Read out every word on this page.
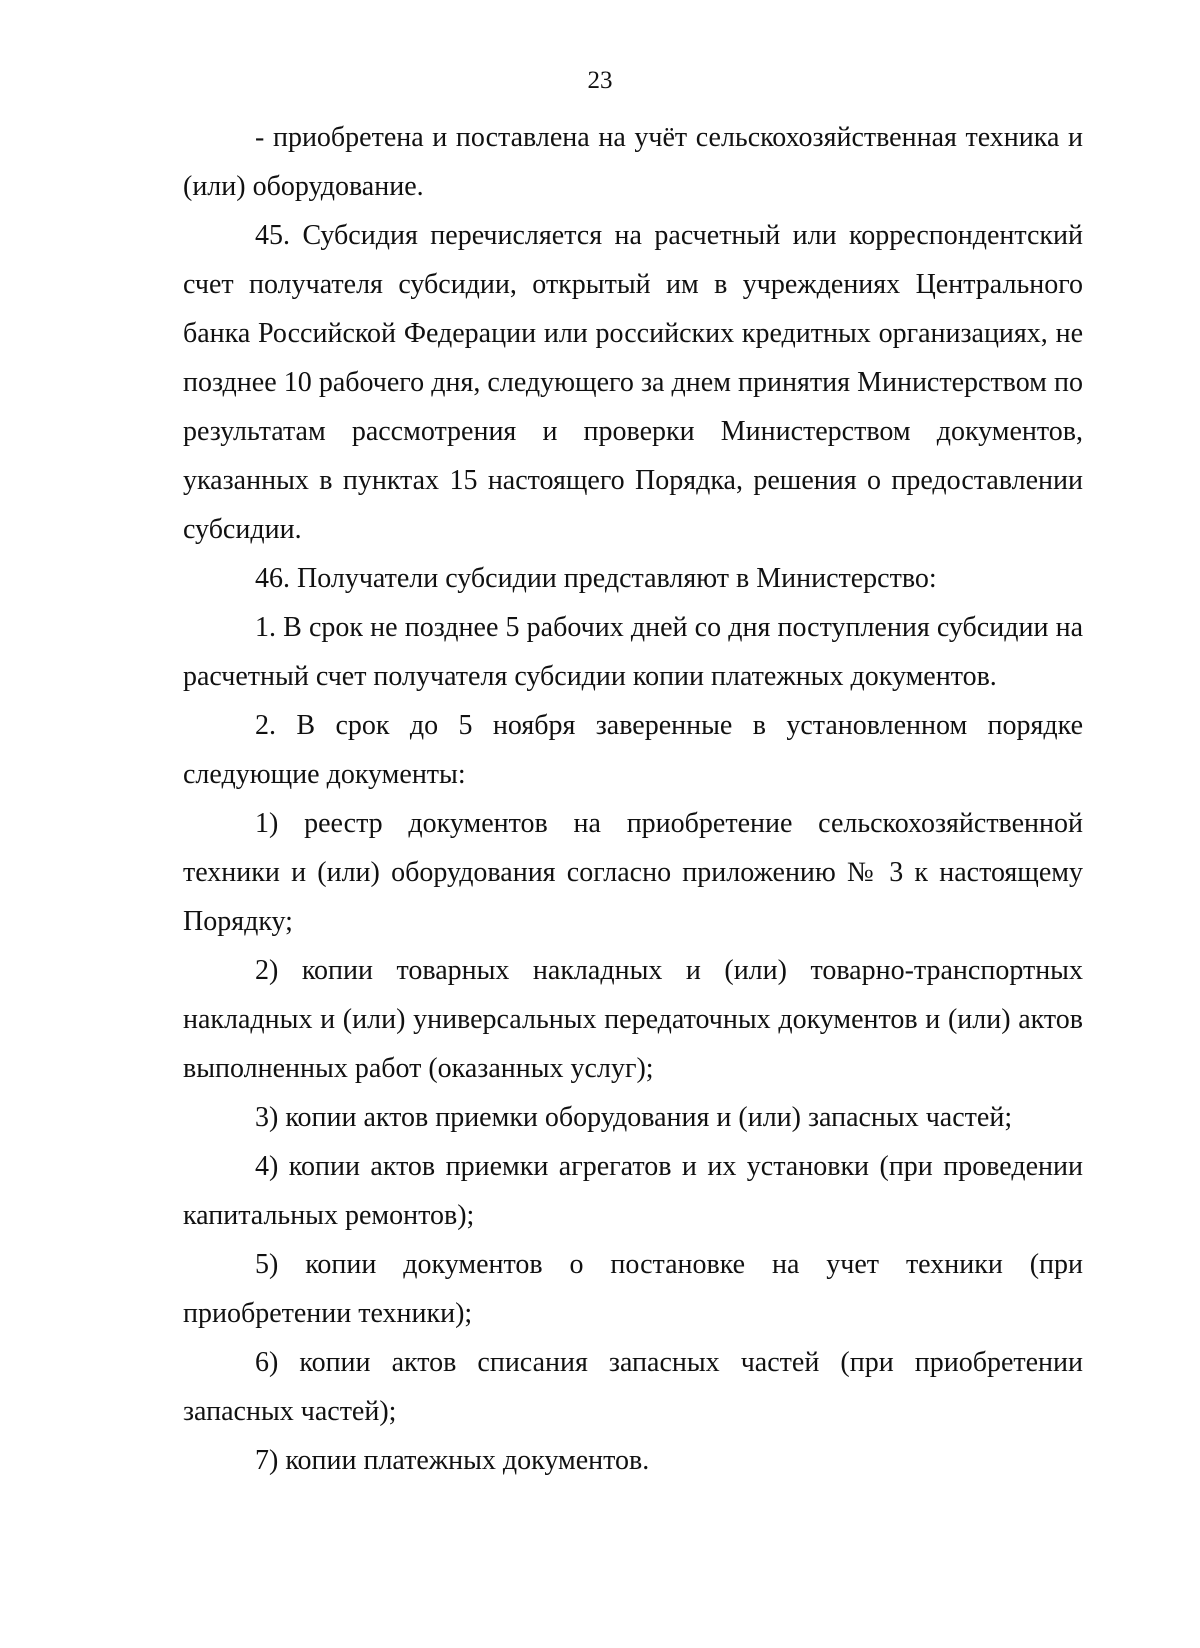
23

- приобретена и поставлена на учёт сельскохозяйственная техника и (или) оборудование.

45. Субсидия перечисляется на расчетный или корреспондентский счет получателя субсидии, открытый им в учреждениях Центрального банка Российской Федерации или российских кредитных организациях, не позднее 10 рабочего дня, следующего за днем принятия Министерством по результатам рассмотрения и проверки Министерством документов, указанных в пунктах 15 настоящего Порядка, решения о предоставлении субсидии.

46. Получатели субсидии представляют в Министерство:

1. В срок не позднее 5 рабочих дней со дня поступления субсидии на расчетный счет получателя субсидии копии платежных документов.

2. В срок до 5 ноября заверенные в установленном порядке следующие документы:

1) реестр документов на приобретение сельскохозяйственной техники и (или) оборудования согласно приложению № 3 к настоящему Порядку;

2) копии товарных накладных и (или) товарно-транспортных накладных и (или) универсальных передаточных документов и (или) актов выполненных работ (оказанных услуг);

3) копии актов приемки оборудования и (или) запасных частей;

4) копии актов приемки агрегатов и их установки (при проведении капитальных ремонтов);

5) копии документов о постановке на учет техники (при приобретении техники);

6) копии актов списания запасных частей (при приобретении запасных частей);

7) копии платежных документов.
